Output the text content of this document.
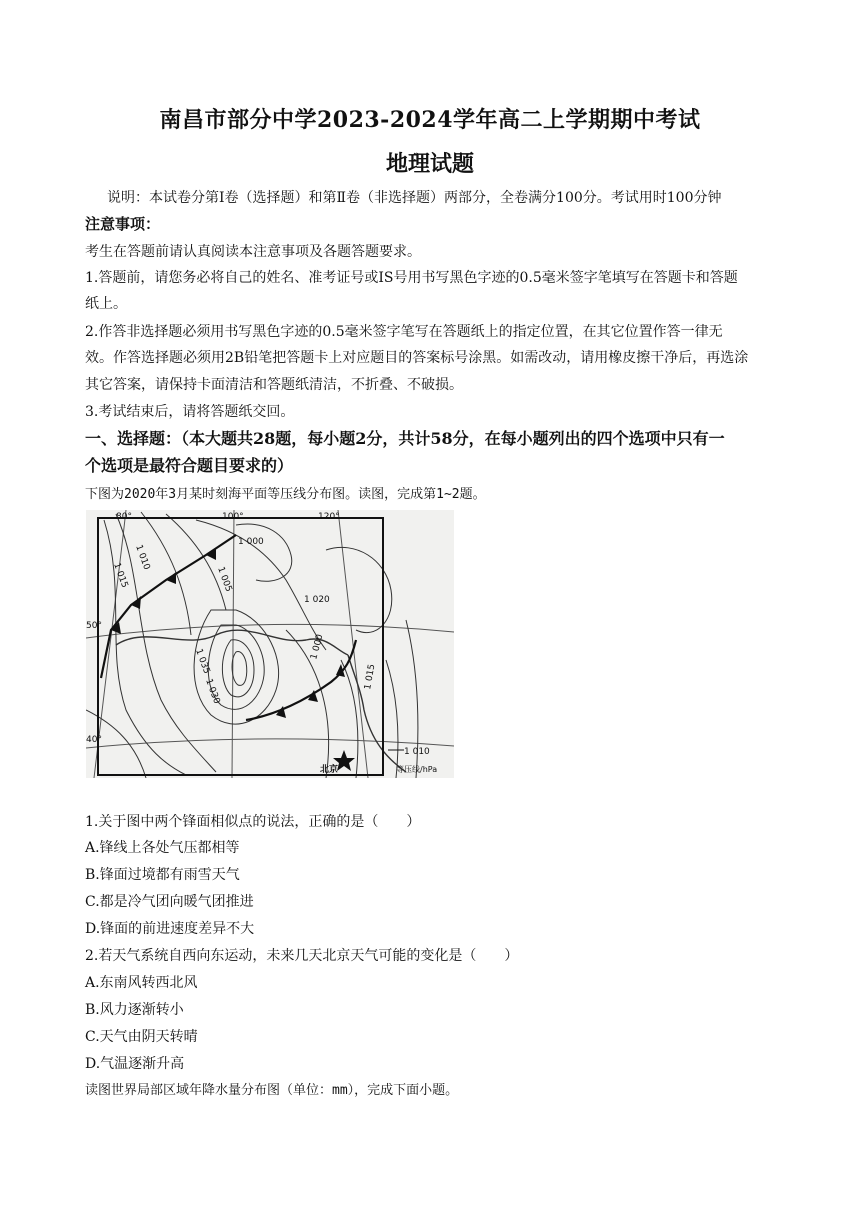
南昌市部分中学2023-2024学年高二上学期期中考试
地理试题
说明：本试卷分第Ⅰ卷（选择题）和第Ⅱ卷（非选择题）两部分，全卷满分100分。考试用时100分钟
注意事项：
考生在答题前请认真阅读本注意事项及各题答题要求。
1.答题前，请您务必将自己的姓名、准考证号或IS号用书写黑色字迹的0.5毫米签字笔填写在答题卡和答题
纸上。
2.作答非选择题必须用书写黑色字迹的0.5毫米签字笔写在答题纸上的指定位置，在其它位置作答一律无
效。作答选择题必须用2B铅笔把答题卡上对应题目的答案标号涂黑。如需改动，请用橡皮擦干净后，再选涂
其它答案，请保持卡面清洁和答题纸清洁，不折叠、不破损。
3.考试结束后，请将答题纸交回。
一、选择题：（本大题共28题，每小题2分，共计58分，在每小题列出的四个选项中只有一
个选项是最符合题目要求的）
下图为2020年3月某时刻海平面等压线分布图。读图，完成第1~2题。
80°	100°	120°
50°
40°
1 000
1 005
1 010
1 015
1 020
1 030
1 035
1 000
1 015
北京
1 010
等压线/hPa
1.关于图中两个锋面相似点的说法，正确的是（　　）
A.锋线上各处气压都相等
B.锋面过境都有雨雪天气
C.都是冷气团向暖气团推进
D.锋面的前进速度差异不大
2.若天气系统自西向东运动，未来几天北京天气可能的变化是（　　）
A.东南风转西北风
B.风力逐渐转小
C.天气由阴天转晴
D.气温逐渐升高
读图世界局部区域年降水量分布图（单位：mm），完成下面小题。
